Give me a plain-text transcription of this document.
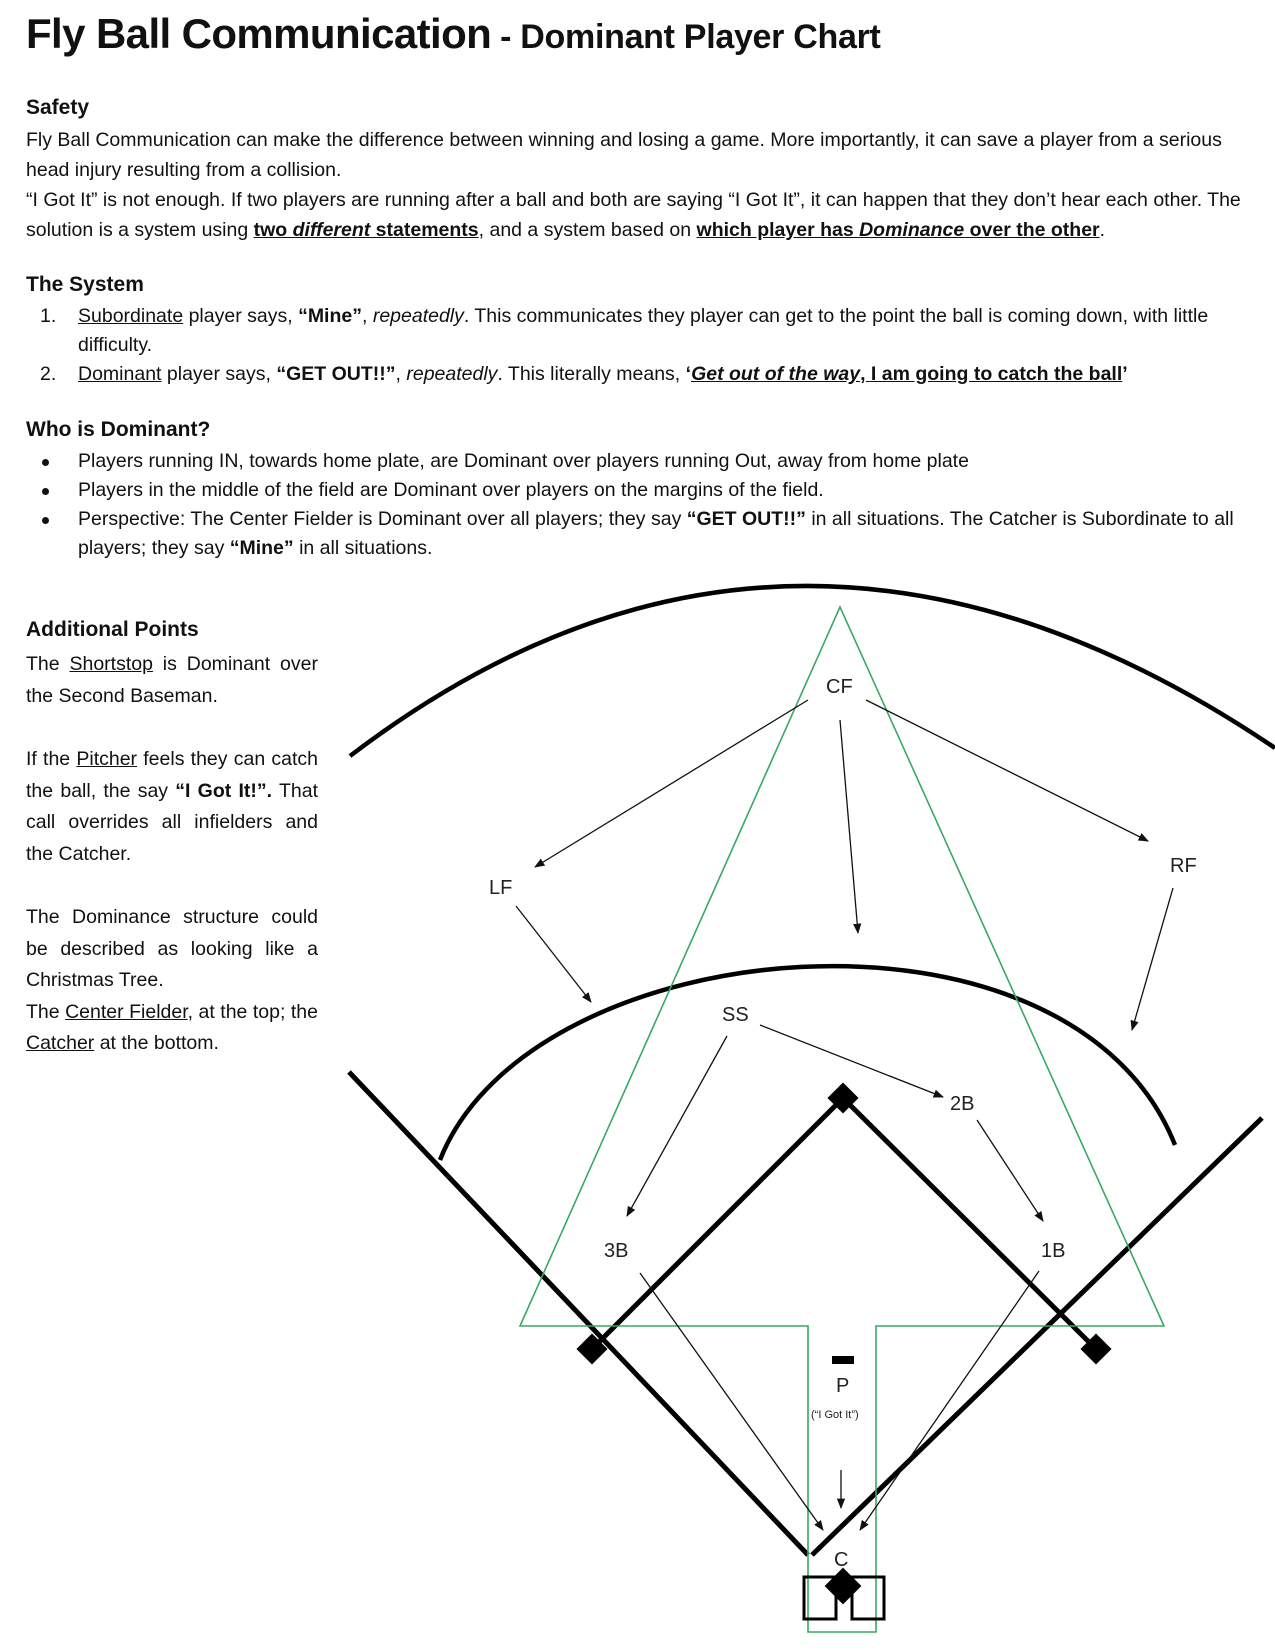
Fly Ball Communication - Dominant Player Chart
Safety

Fly Ball Communication can make the difference between winning and losing a game. More importantly, it can save a player from a serious head injury resulting from a collision.

“I Got It” is not enough. If two players are running after a ball and both are saying “I Got It”, it can happen that they don’t hear each other. The solution is a system using two different statements, and a system based on which player has Dominance over the other.

The System
1. Subordinate player says, “Mine”, repeatedly. This communicates they player can get to the point the ball is coming down, with little difficulty.
2. Dominant player says, “GET OUT!!”, repeatedly. This literally means, ‘Get out of the way, I am going to catch the ball’
Who is Dominant?
Players running IN, towards home plate, are Dominant over players running Out, away from home plate
Players in the middle of the field are Dominant over players on the margins of the field.
Perspective: The Center Fielder is Dominant over all players; they say “GET OUT!!” in all situations. The Catcher is Subordinate to all players; they say “Mine” in all situations.
Additional Points

The Shortstop is Dominant over the Second Baseman.

If the Pitcher feels they can catch the ball, the say “I Got It!”. That call overrides all infielders and the Catcher.

The Dominance structure could be described as looking like a Christmas Tree.

The Center Fielder, at the top; the Catcher at the bottom.

CF
LF
RF
SS
2B
3B	1B
P
(“I Got It”)
C
